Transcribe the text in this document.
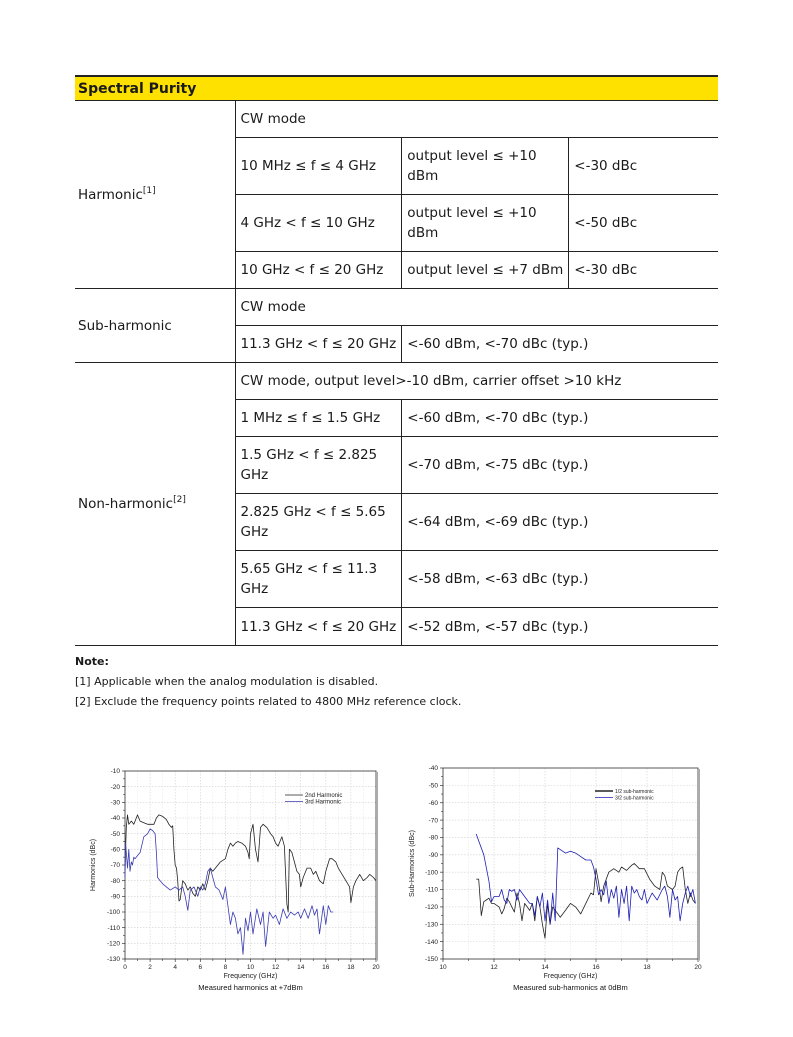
Spectral Purity			
Harmonic[1]	CW mode		
	10 MHz ≤ f ≤ 4 GHz	output level ≤ +10 dBm	<-30 dBc
	4 GHz < f ≤ 10 GHz	output level ≤ +10 dBm	<-50 dBc
	10 GHz < f ≤ 20 GHz	output level ≤ +7 dBm	<-30 dBc
Sub-harmonic	CW mode		
	11.3 GHz < f ≤ 20 GHz	<-60 dBm, <-70 dBc (typ.)	
Non-harmonic[2]	CW mode, output level>-10 dBm, carrier offset >10 kHz		
	1 MHz ≤ f ≤ 1.5 GHz	<-60 dBm, <-70 dBc (typ.)	
	1.5 GHz < f ≤ 2.825 GHz	<-70 dBm, <-75 dBc (typ.)	
	2.825 GHz < f ≤ 5.65 GHz	<-64 dBm, <-69 dBc (typ.)	
	5.65 GHz < f ≤ 11.3 GHz	<-58 dBm, <-63 dBc (typ.)	
	11.3 GHz < f ≤ 20 GHz	<-52 dBm, <-57 dBc (typ.)	
Note:
[1] Applicable when the analog modulation is disabled.
[2] Exclude the frequency points related to 4800 MHz reference clock.
0	2	4	6	8	10	12	14	16	18	20
-10
-20
-30
-40
-50
-60
-70
-80
-90
-100
-110
-120
-130
Frequency (GHz)
Harmonics (dBc)
Measured harmonics at +7dBm
2nd Harmonic
3rd Harmonic
10	12	14	16	18	20
-40
-50
-60
-70
-80
-90
-100
-110
-120
-130
-140
-150
Frequency (GHz)
Sub-Harmonics (dBc)
Measured sub-harmonics at 0dBm
1/2 sub-harmonic
3/2 sub-harmonic
